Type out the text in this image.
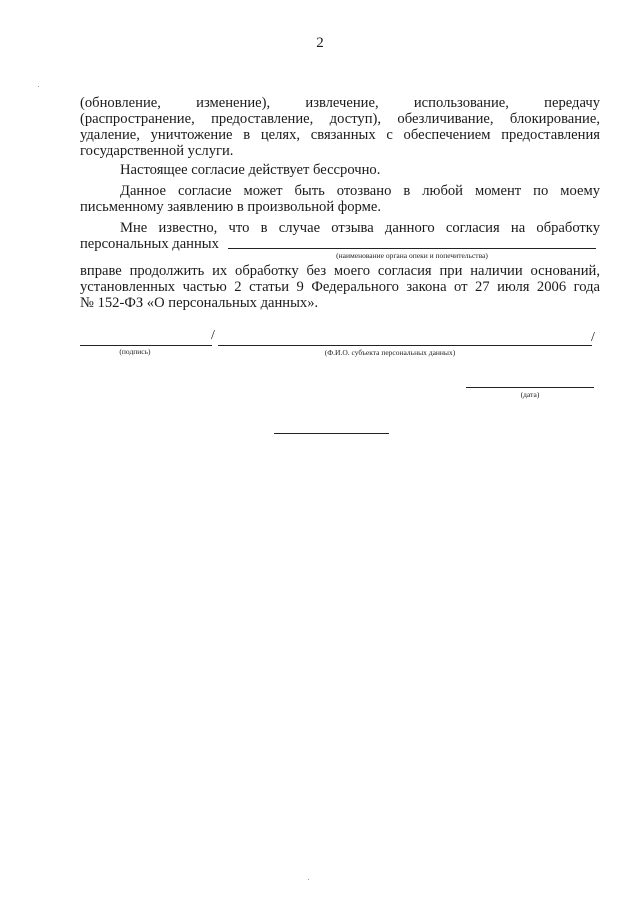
2
(обновление, изменение), извлечение, использование, передачу
(распространение, предоставление, доступ), обезличивание, блокирование,
удаление, уничтожение в целях, связанных с обеспечением предоставления
государственной услуги.
Настоящее согласие действует бессрочно.
Данное согласие может быть отозвано в любой момент по моему
письменному заявлению в произвольной форме.
Мне известно, что в случае отзыва данного согласия на обработку
персональных данных
(наименование органа опеки и попечительства)
вправе продолжить их обработку без моего согласия при наличии оснований,
установленных частью 2 статьи 9 Федерального закона от 27 июля 2006 года
№ 152-ФЗ «О персональных данных».
/	/
(подпись)	(Ф.И.О. субъекта персональных данных)
(дата)
